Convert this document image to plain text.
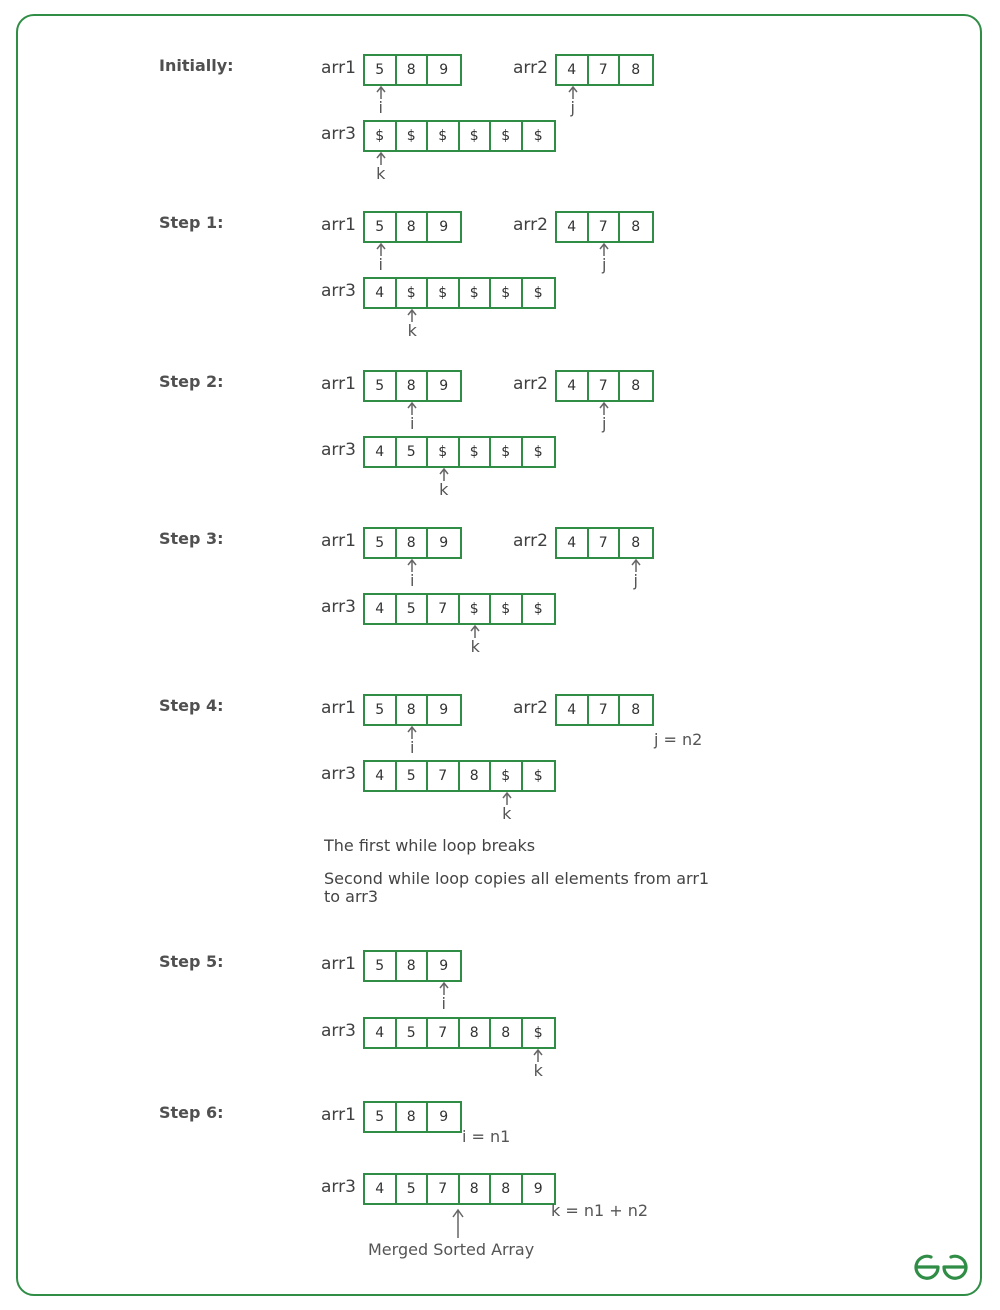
Initially:	arr1	5	8	9	arr2	4	7	8
arr3	$	$	$	$	$	$
i	j
k
Step 1:	arr1	5	8	9	arr2	4	7	8
arr3	4	$	$	$	$	$
i	j
k
Step 2:	arr1	5	8	9	arr2	4	7	8
arr3	4	5	$	$	$	$
i	j
k
Step 3:	arr1	5	8	9	arr2	4	7	8
arr3	4	5	7	$	$	$
i	j
k
Step 4:	arr1	5	8	9	arr2	4	7	8
arr3	4	5	7	8	$	$
i
k
j = n2
Step 5:	arr1	5	8	9
arr3	4	5	7	8	8	$
i
k
Step 6:	arr1	5	8	9
arr3	4	5	7	8	8	9
i = n1
k = n1 + n2
The first while loop breaks
Second while loop copies all elements from arr1 to arr3
Merged Sorted Array
